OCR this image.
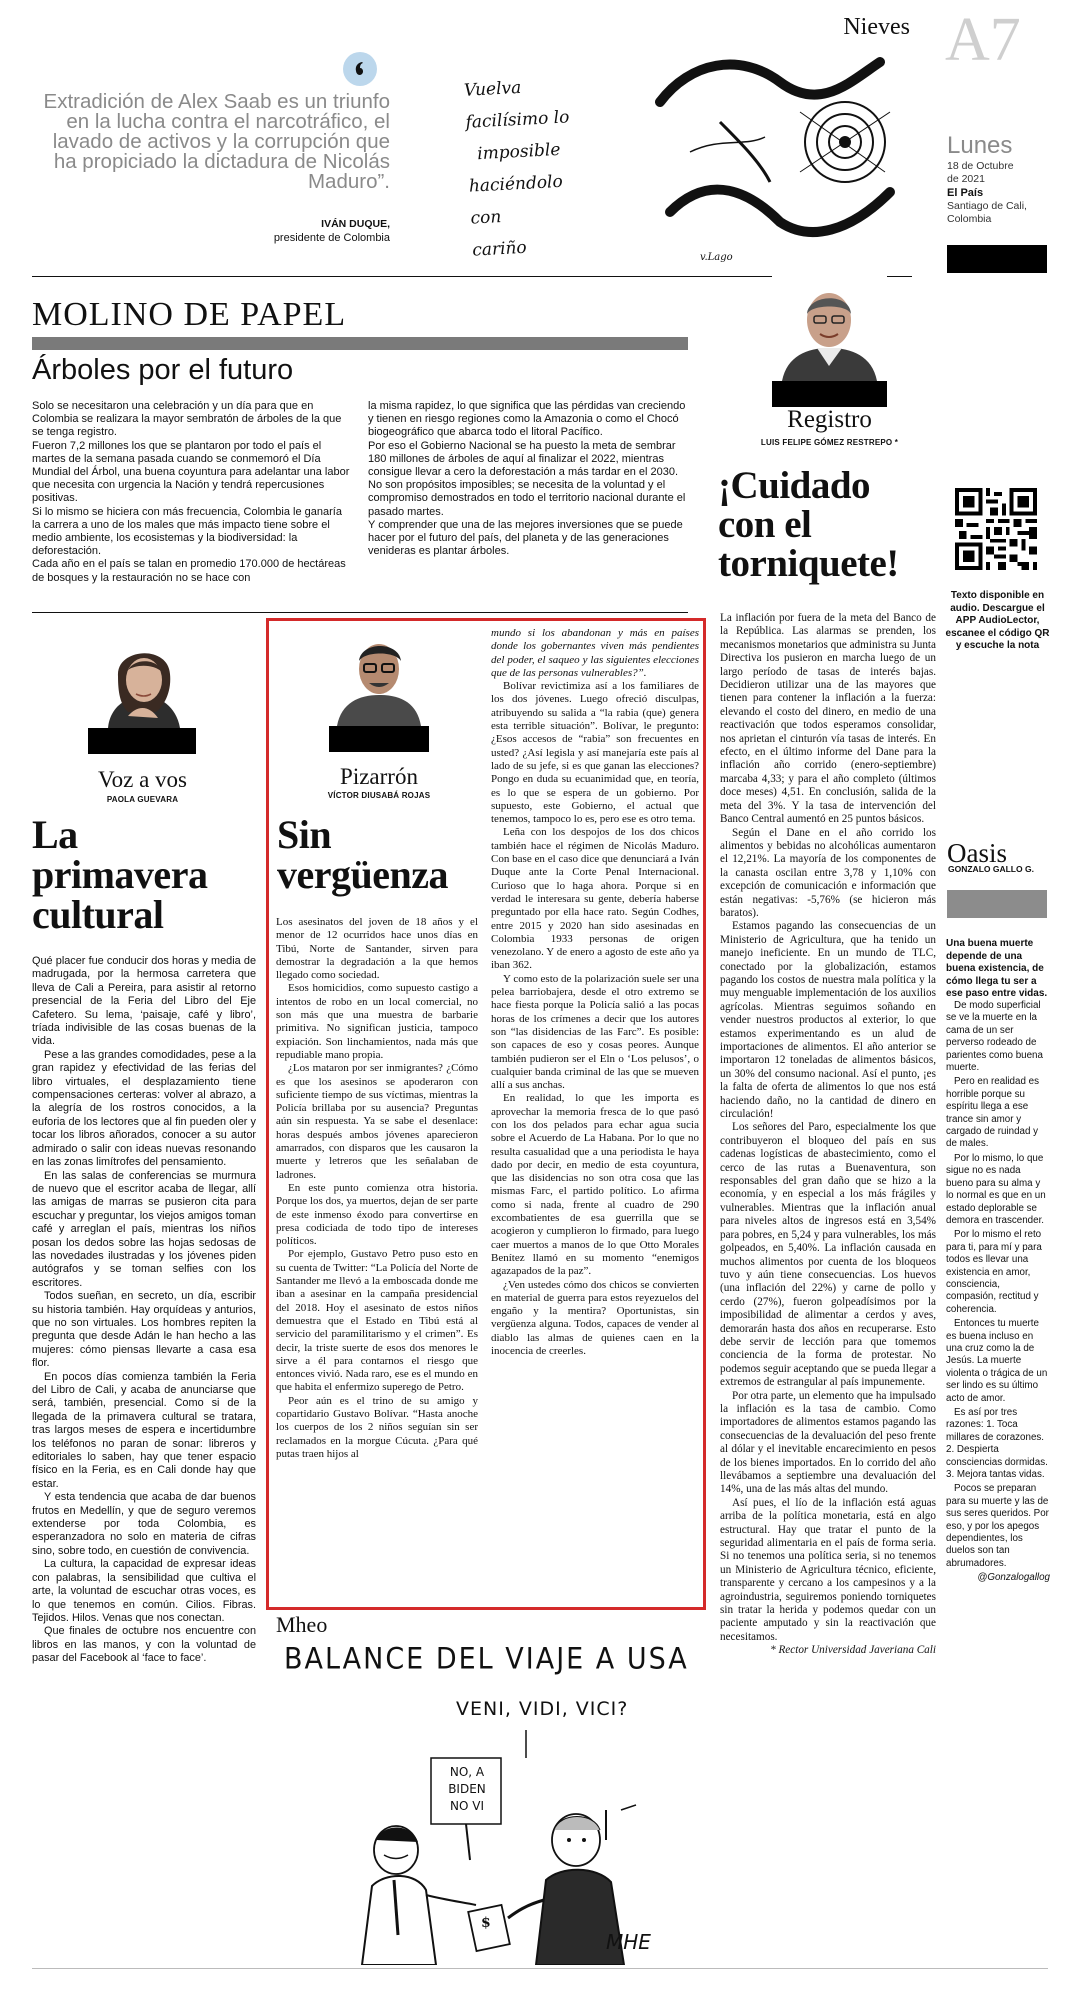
Extradición de Alex Saab es un triunfo en la lucha contra el narcotráfico, el lavado de activos y la corrupción que ha propiciado la dictadura de Nicolás Maduro”.
IVÁN DUQUE,
presidente de Colombia
Nieves
Vuelva
facilísimo lo
imposible
haciéndolo
con
cariño	v.Lago
A7
Lunes
18 de Octubre
de 2021
El País
Santiago de Cali,
Colombia
MOLINO DE PAPEL
Árboles por el futuro

Solo se necesitaron una celebración y un día para que en Colombia se realizara la mayor sembratón de árboles de la que se tenga registro.

Fueron 7,2 millones los que se plantaron por todo el país el martes de la semana pasada cuando se conmemoró el Día Mundial del Árbol, una buena coyuntura para adelantar una labor que necesita con urgencia la Nación y tendrá repercusiones positivas.

Si lo mismo se hiciera con más frecuencia, Colombia le ganaría la carrera a uno de los males que más impacto tiene sobre el medio ambiente, los ecosistemas y la biodiversidad: la deforestación.

Cada año en el país se talan en promedio 170.000 de hectáreas de bosques y la restauración no se hace con

la misma rapidez, lo que significa que las pérdidas van creciendo y tienen en riesgo regiones como la Amazonia o como el Chocó biogeográfico que abarca todo el litoral Pacífico.

Por eso el Gobierno Nacional se ha puesto la meta de sembrar 180 millones de árboles de aquí al finalizar el 2022, mientras consigue llevar a cero la deforestación a más tardar en el 2030.

No son propósitos imposibles; se necesita de la voluntad y el compromiso demostrados en todo el territorio nacional durante el pasado martes.

Y comprender que una de las mejores inversiones que se puede hacer por el futuro del país, del planeta y de las generaciones venideras es plantar árboles.

Registro
LUIS FELIPE GÓMEZ RESTREPO *
¡Cuidado con el torniquete!

La inflación por fuera de la meta del Banco de la República. Las alarmas se prenden, los mecanismos monetarios que administra su Junta Directiva los pusieron en marcha luego de un largo período de tasas de interés bajas. Decidieron utilizar una de las mayores que tienen para contener la inflación a la fuerza: elevando el costo del dinero, en medio de una reactivación que todos esperamos consolidar, nos aprietan el cinturón vía tasas de interés. En efecto, en el último informe del Dane para la inflación año corrido (enero-septiembre) marcaba 4,33; y para el año completo (últimos doce meses) 4,51. En conclusión, salida de la meta del 3%. Y la tasa de intervención del Banco Central aumentó en 25 puntos básicos.

Según el Dane en el año corrido los alimentos y bebidas no alcohólicas aumentaron el 12,21%. La mayoría de los componentes de la canasta oscilan entre 3,78 y 1,10% con excepción de comunicación e información que están negativas: -5,76% (se hicieron más baratos).

Estamos pagando las consecuencias de un Ministerio de Agricultura, que ha tenido un manejo ineficiente. En un mundo de TLC, conectado por la globalización, estamos pagando los costos de nuestra mala política y la muy menguable implementación de los auxilios agrícolas. Mientras seguimos soñando en vender nuestros productos al exterior, lo que estamos experimentando es un alud de importaciones de alimentos. El año anterior se importaron 12 toneladas de alimentos básicos, un 30% del consumo nacional. Así el punto, ¡es la falta de oferta de alimentos lo que nos está haciendo daño, no la cantidad de dinero en circulación!

Los señores del Paro, especialmente los que contribuyeron el bloqueo del país en sus cadenas logísticas de abastecimiento, como el cerco de las rutas a Buenaventura, son responsables del gran daño que se hizo a la economía, y en especial a los más frágiles y vulnerables. Mientras que la inflación anual para niveles altos de ingresos está en 3,54% para pobres, en 5,24 y para vulnerables, los más golpeados, en 5,40%. La inflación causada en muchos alimentos por cuenta de los bloqueos tuvo y aún tiene consecuencias. Los huevos (una inflación del 22%) y carne de pollo y cerdo (27%), fueron golpeadísimos por la imposibilidad de alimentar a cerdos y aves, demorarán hasta dos años en recuperarse. Esto debe servir de lección para que tomemos conciencia de la forma de protestar. No podemos seguir aceptando que se pueda llegar a extremos de estrangular al país impunemente.

Por otra parte, un elemento que ha impulsado la inflación es la tasa de cambio. Como importadores de alimentos estamos pagando las consecuencias de la devaluación del peso frente al dólar y el inevitable encarecimiento en pesos de los bienes importados. En lo corrido del año llevábamos a septiembre una devaluación del 14%, una de las más altas del mundo.

Así pues, el lío de la inflación está aguas arriba de la política monetaria, está en algo estructural. Hay que tratar el punto de la seguridad alimentaria en el país de forma seria. Si no tenemos una política seria, si no tenemos un Ministerio de Agricultura técnico, eficiente, transparente y cercano a los campesinos y a la agroindustria, seguiremos poniendo torniquetes sin tratar la herida y podemos quedar con un paciente amputado y sin la reactivación que necesitamos.

* Rector Universidad Javeriana Cali

Texto disponible en audio. Descargue el APP AudioLector, escanee el código QR y escuche la nota
Oasis
GONZALO GALLO G.
Una buena muerte depende de una buena existencia, de cómo llega tu ser a ese paso entre vidas.

De modo superficial se ve la muerte en la cama de un ser perverso rodeado de parientes como buena muerte.

Pero en realidad es horrible porque su espíritu llega a ese trance sin amor y cargado de ruindad y de males.

Por lo mismo, lo que sigue no es nada bueno para su alma y lo normal es que en un estado deplorable se demora en trascender.

Por lo mismo el reto para ti, para mí y para todos es llevar una existencia en amor, consciencia, compasión, rectitud y coherencia.

Entonces tu muerte es buena incluso en una cruz como la de Jesús. La muerte violenta o trágica de un ser lindo es su último acto de amor.

Es así por tres razones: 1. Toca millares de corazones. 2. Despierta consciencias dormidas. 3. Mejora tantas vidas.

Pocos se preparan para su muerte y las de sus seres queridos. Por eso, y por los apegos dependientes, los duelos son tan abrumadores.

@Gonzalogallog

Voz a vos
PAOLA GUEVARA
La primavera cultural

Qué placer fue conducir dos horas y media de madrugada, por la hermosa carretera que lleva de Cali a Pereira, para asistir al retorno presencial de la Feria del Libro del Eje Cafetero. Su lema, ‘paisaje, café y libro’, tríada indivisible de las cosas buenas de la vida.

Pese a las grandes comodidades, pese a la gran rapidez y efectividad de las ferias del libro virtuales, el desplazamiento tiene compensaciones certeras: volver al abrazo, a la alegría de los rostros conocidos, a la euforia de los lectores que al fin pueden oler y tocar los libros añorados, conocer a su autor admirado o salir con ideas nuevas resonando en las zonas limítrofes del pensamiento.

En las salas de conferencias se murmura de nuevo que el escritor acaba de llegar, allí las amigas de marras se pusieron cita para escuchar y preguntar, los viejos amigos toman café y arreglan el país, mientras los niños posan los dedos sobre las hojas sedosas de las novedades ilustradas y los jóvenes piden autógrafos y se toman selfies con los escritores.

Todos sueñan, en secreto, un día, escribir su historia también. Hay orquídeas y anturios, que no son virtuales. Los hombres repiten la pregunta que desde Adán le han hecho a las mujeres: cómo piensas llevarte a casa esa flor.

En pocos días comienza también la Feria del Libro de Cali, y acaba de anunciarse que será, también, presencial. Como si de la llegada de la primavera cultural se tratara, tras largos meses de espera e incertidumbre los teléfonos no paran de sonar: libreros y editoriales lo saben, hay que tener espacio físico en la Feria, es en Cali donde hay que estar.

Y esta tendencia que acaba de dar buenos frutos en Medellín, y que de seguro veremos extenderse por toda Colombia, es esperanzadora no solo en materia de cifras sino, sobre todo, en cuestión de convivencia.

La cultura, la capacidad de expresar ideas con palabras, la sensibilidad que cultiva el arte, la voluntad de escuchar otras voces, es lo que tenemos en común. Cilios. Fibras. Tejidos. Hilos. Venas que nos conectan.

Que finales de octubre nos encuentre con libros en las manos, y con la voluntad de pasar del Facebook al ‘face to face’.

Pizarrón
VÍCTOR DIUSABÁ ROJAS
Sin vergüenza

Los asesinatos del joven de 18 años y el menor de 12 ocurridos hace unos días en Tibú, Norte de Santander, sirven para demostrar la degradación a la que hemos llegado como sociedad.

Esos homicidios, como supuesto castigo a intentos de robo en un local comercial, no son más que una muestra de barbarie primitiva. No significan justicia, tampoco expiación. Son linchamientos, nada más que repudiable mano propia.

¿Los mataron por ser inmigrantes? ¿Cómo es que los asesinos se apoderaron con suficiente tiempo de sus víctimas, mientras la Policía brillaba por su ausencia? Preguntas aún sin respuesta. Ya se sabe el desenlace: horas después ambos jóvenes aparecieron amarrados, con disparos que les causaron la muerte y letreros que les señalaban de ladrones.

En este punto comienza otra historia. Porque los dos, ya muertos, dejan de ser parte de este inmenso éxodo para convertirse en presa codiciada de todo tipo de intereses políticos.

Por ejemplo, Gustavo Petro puso esto en su cuenta de Twitter: “La Policía del Norte de Santander me llevó a la emboscada donde me iban a asesinar en la campaña presidencial del 2018. Hoy el asesinato de estos niños demuestra que el Estado en Tibú está al servicio del paramilitarismo y el crimen”. Es decir, la triste suerte de esos dos menores le sirve a él para contarnos el riesgo que entonces vivió. Nada raro, ese es el mundo en que habita el enfermizo superego de Petro.

Peor aún es el trino de su amigo y copartidario Gustavo Bolívar. “Hasta anoche los cuerpos de los 2 niños seguían sin ser reclamados en la morgue Cúcuta. ¿Para qué putas traen hijos al

mundo si los abandonan y más en países donde los gobernantes viven más pendientes del poder, el saqueo y las siguientes elecciones que de las personas vulnerables?”.

Bolívar revictimiza así a los familiares de los dos jóvenes. Luego ofreció disculpas, atribuyendo su salida a “la rabia (que) genera esta terrible situación”. Bolívar, le pregunto: ¿Esos accesos de “rabia” son frecuentes en usted? ¿Así legisla y así manejaría este país al lado de su jefe, si es que ganan las elecciones? Pongo en duda su ecuanimidad que, en teoría, es lo que se espera de un gobierno. Por supuesto, este Gobierno, el actual que tenemos, tampoco lo es, pero ese es otro tema.

Leña con los despojos de los dos chicos también hace el régimen de Nicolás Maduro. Con base en el caso dice que denunciará a Iván Duque ante la Corte Penal Internacional. Curioso que lo haga ahora. Porque si en verdad le interesara su gente, debería haberse preguntado por ella hace rato. Según Codhes, entre 2015 y 2020 han sido asesinadas en Colombia 1933 personas de origen venezolano. Y de enero a agosto de este año ya iban 362.

Y como esto de la polarización suele ser una pelea barriobajera, desde el otro extremo se hace fiesta porque la Policía salió a las pocas horas de los crímenes a decir que los autores son “las disidencias de las Farc”. Es posible: son capaces de eso y cosas peores. Aunque también pudieron ser el Eln o ‘Los pelusos’, o cualquier banda criminal de las que se mueven allí a sus anchas.

En realidad, lo que les importa es aprovechar la memoria fresca de lo que pasó con los dos pelados para echar agua sucia sobre el Acuerdo de La Habana. Por lo que no resulta casualidad que a una periodista le haya dado por decir, en medio de esta coyuntura, que las disidencias no son otra cosa que las mismas Farc, el partido político. Lo afirma como si nada, frente al cuadro de 290 excombatientes de esa guerrilla que se acogieron y cumplieron lo firmado, para luego caer muertos a manos de lo que Otto Morales Benítez llamó en su momento “enemigos agazapados de la paz”.

¿Ven ustedes cómo dos chicos se convierten en material de guerra para estos reyezuelos del engaño y la mentira? Oportunistas, sin vergüenza alguna. Todos, capaces de vender al diablo las almas de quienes caen en la inocencia de creerles.

Mheo
BALANCE DEL VIAJE A USA
VENI, VIDI, VICI?
NO, A
BIDEN
NO VI
$
MHE
